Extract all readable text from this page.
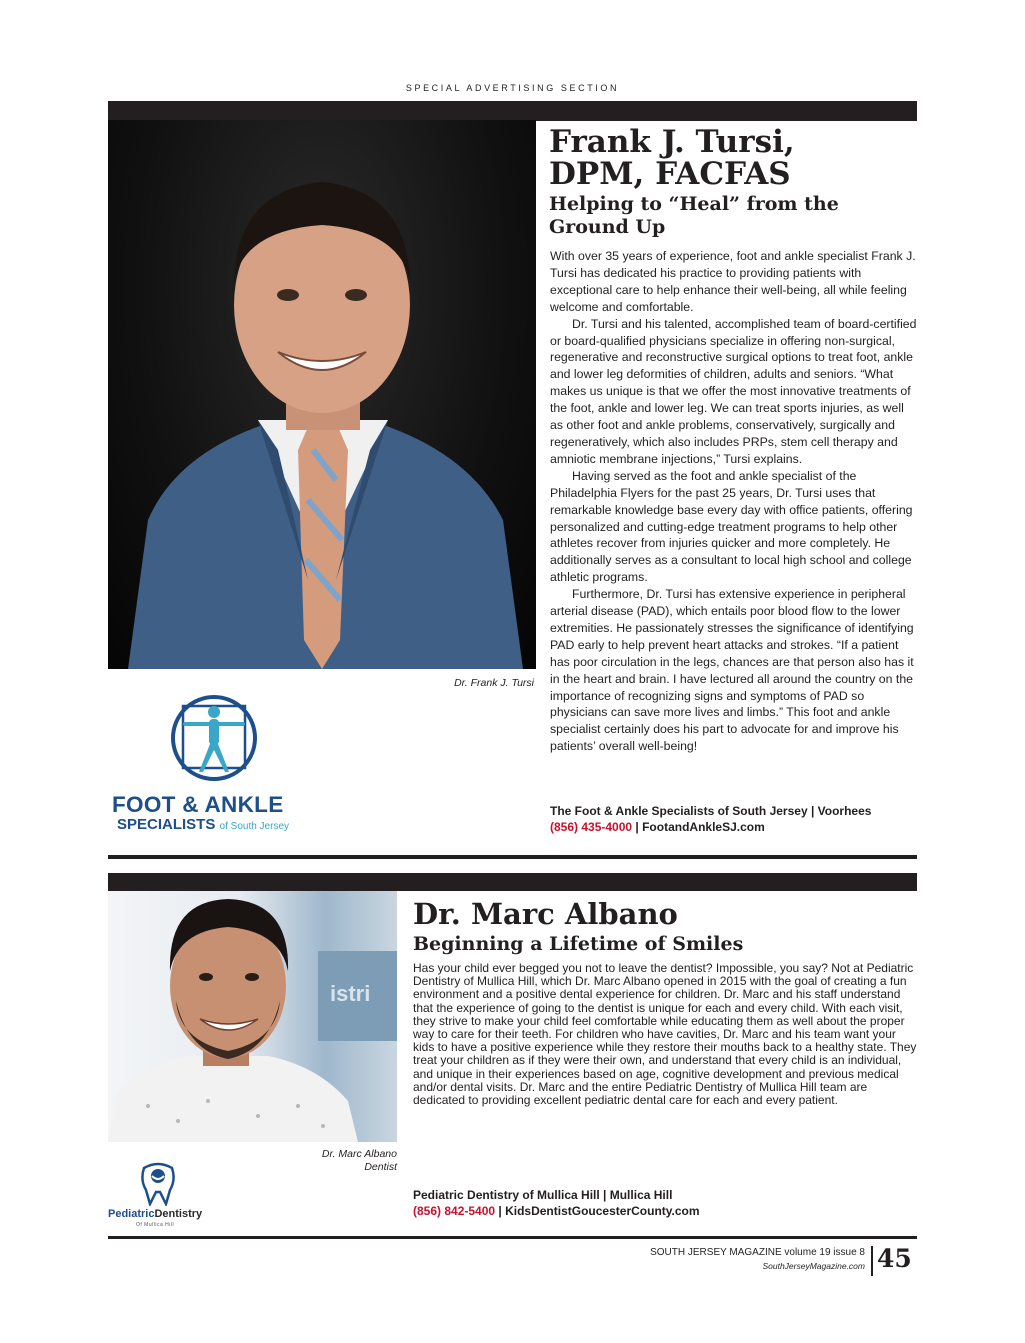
SPECIAL ADVERTISING SECTION
Dr. Frank J. Tursi
Frank J. Tursi,
DPM, FACFAS
Helping to “Heal” from the
Ground Up

With over 35 years of experience, foot and ankle specialist Frank J. Tursi has dedicated his practice to providing patients with exceptional care to help enhance their well-being, all while feeling welcome and comfortable.

Dr. Tursi and his talented, accomplished team of board-certified or board-qualified physicians specialize in offering non-surgical, regenerative and reconstructive surgical options to treat foot, ankle and lower leg deformities of children, adults and seniors. “What makes us unique is that we offer the most innovative treatments of the foot, ankle and lower leg. We can treat sports injuries, as well as other foot and ankle problems, conservatively, surgically and regeneratively, which also includes PRPs, stem cell therapy and amniotic membrane injections,” Tursi explains.

Having served as the foot and ankle specialist of the Philadelphia Flyers for the past 25 years, Dr. Tursi uses that remarkable knowledge base every day with office patients, offering personalized and cutting-edge treatment programs to help other athletes recover from injuries quicker and more completely. He additionally serves as a consultant to local high school and college athletic programs.

Furthermore, Dr. Tursi has extensive experience in peripheral arterial disease (PAD), which entails poor blood flow to the lower extremities. He passionately stresses the significance of identifying PAD early to help prevent heart attacks and strokes. “If a patient has poor circulation in the legs, chances are that person also has it in the heart and brain. I have lectured all around the country on the importance of recognizing signs and symptoms of PAD so physicians can save more lives and limbs.” This foot and ankle specialist certainly does his part to advocate for and improve his patients’ overall well-being!

The Foot & Ankle Specialists of South Jersey | Voorhees
(856) 435-4000 | FootandAnkleSJ.com
FOOT & ANKLE
SPECIALISTS of South Jersey
istri
Dr. Marc Albano
Dentist
Dr. Marc Albano
Beginning a Lifetime of Smiles
Has your child ever begged you not to leave the dentist? Impossible, you say? Not at Pediatric Dentistry of Mullica Hill, which Dr. Marc Albano opened in 2015 with the goal of creating a fun environment and a positive dental experience for children. Dr. Marc and his staff understand that the experience of going to the dentist is unique for each and every child. With each visit, they strive to make your child feel comfortable while educating them as well about the proper way to care for their teeth. For children who have cavities, Dr. Marc and his team want your kids to have a positive experience while they restore their mouths back to a healthy state. They treat your children as if they were their own, and understand that every child is an individual, and unique in their experiences based on age, cognitive development and previous medical and/or dental visits. Dr. Marc and the entire Pediatric Dentistry of Mullica Hill team are dedicated to providing excellent pediatric dental care for each and every patient.
Pediatric Dentistry of Mullica Hill | Mullica Hill
(856) 842-5400 | KidsDentistGoucesterCounty.com
PediatricDentistry
Of Mullica Hill
SOUTH JERSEY MAGAZINE volume 19 issue 8
SouthJerseyMagazine.com 45
